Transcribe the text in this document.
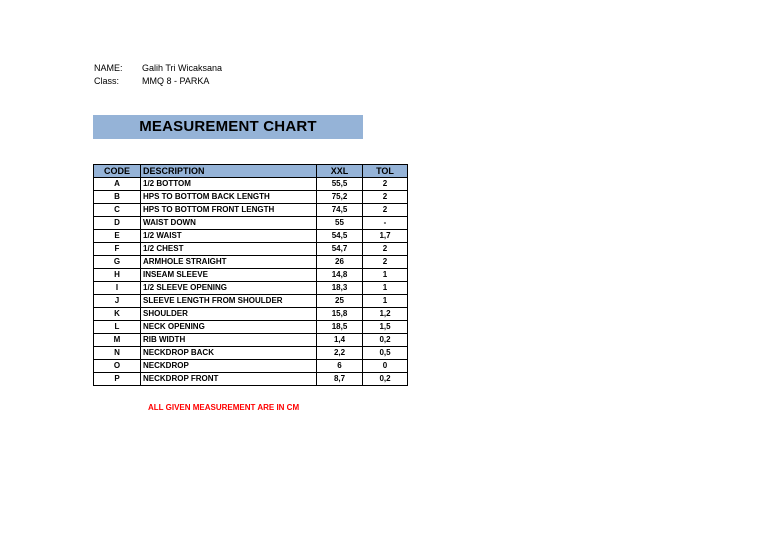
NAME: Galih Tri Wicaksana
Class:	MMQ 8 - PARKA
MEASUREMENT CHART
CODE	DESCRIPTION	XXL	TOL
A	1/2 BOTTOM	55,5	2
B	HPS TO BOTTOM BACK LENGTH	75,2	2
C	HPS TO BOTTOM FRONT LENGTH	74,5	2
D	WAIST DOWN	55	-
E	1/2 WAIST	54,5	1,7
F	1/2 CHEST	54,7	2
G	ARMHOLE STRAIGHT	26	2
H	INSEAM SLEEVE	14,8	1
I	1/2 SLEEVE OPENING	18,3	1
J	SLEEVE LENGTH FROM SHOULDER	25	1
K	SHOULDER	15,8	1,2
L	NECK OPENING	18,5	1,5
M	RIB WIDTH	1,4	0,2
N	NECKDROP BACK	2,2	0,5
O	NECKDROP	6	0
P	NECKDROP FRONT	8,7	0,2
ALL GIVEN MEASUREMENT ARE IN CM
